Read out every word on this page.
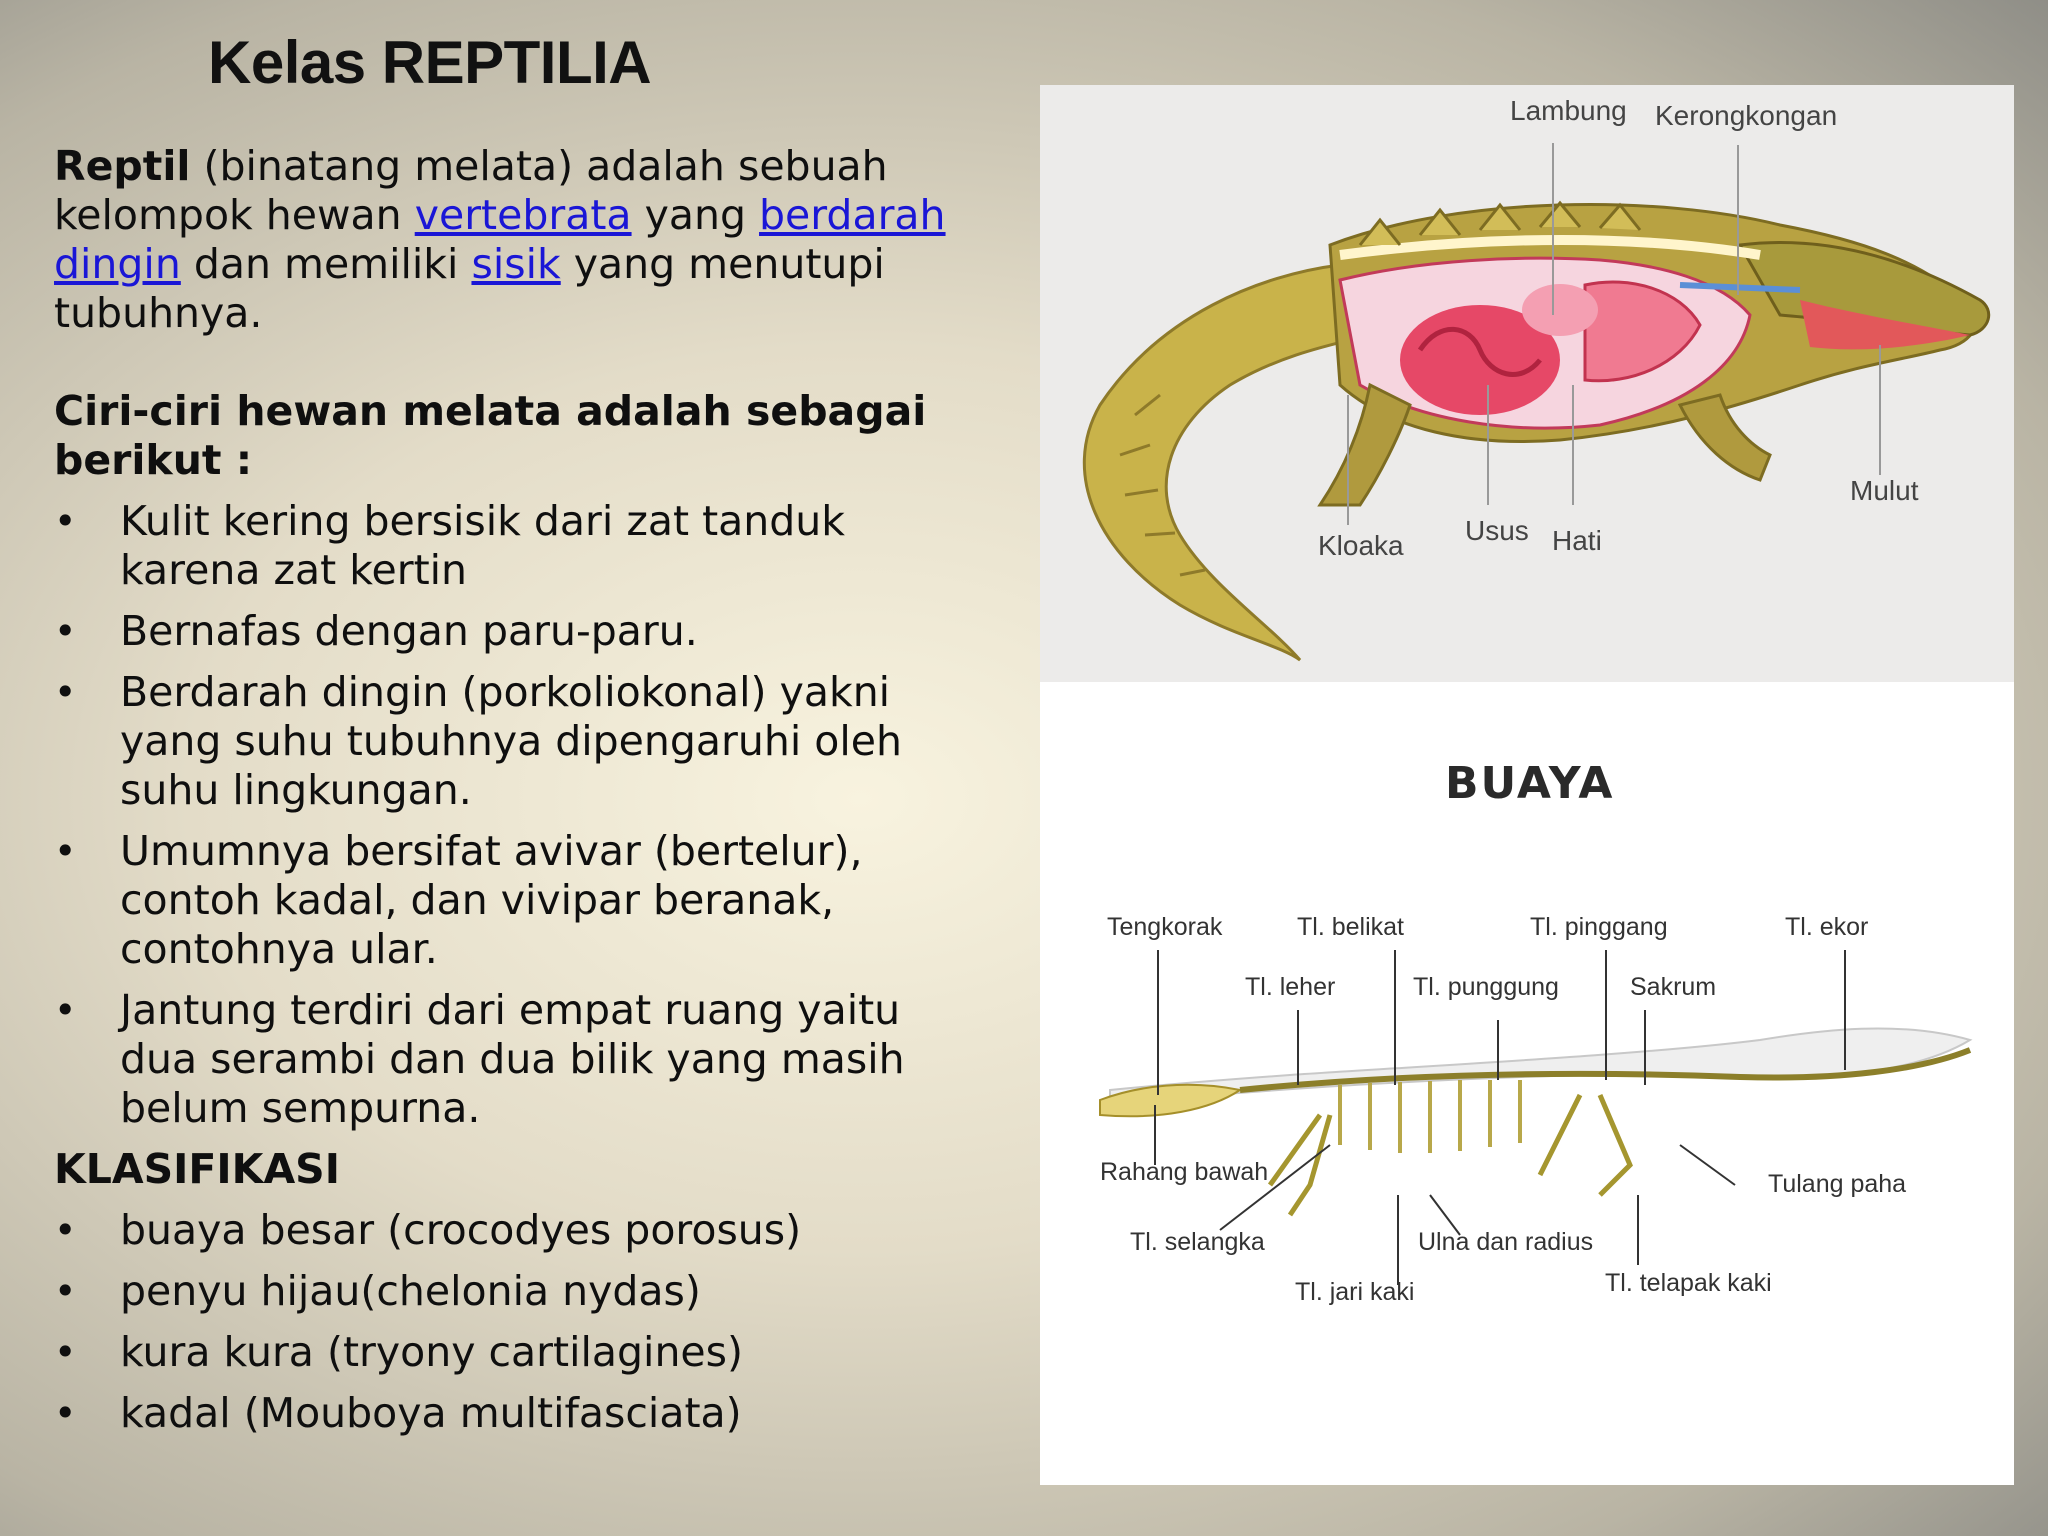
Kelas REPTILIA

Reptil (binatang melata) adalah sebuah kelompok hewan vertebrata yang berdarah dingin dan memiliki sisik yang menutupi tubuhnya.

Ciri-ciri hewan melata adalah sebagai berikut :

• Kulit kering bersisik dari zat tanduk karena zat kertin
• Bernafas dengan paru-paru.
• Berdarah dingin (porkoliokonal) yakni yang suhu tubuhnya dipengaruhi oleh suhu lingkungan.
• Umumnya bersifat avivar (bertelur), contoh kadal, dan vivipar beranak, contohnya ular.
• Jantung terdiri dari empat ruang yaitu dua serambi dan dua bilik yang masih belum sempurna.

KLASIFIKASI

• buaya besar (crocodyes porosus)
• penyu hijau(chelonia nydas)
• kura kura (tryony cartilagines)
• kadal (Mouboya multifasciata)
Lambung Kerongkongan
Kloaka Usus Hati
Mulut
BUAYA
Tengkorak	Tl. belikat	Tl. pinggang	Tl. ekor
Tl. leher	Tl. punggung	Sakrum
Rahang bawah	Tulang paha
Tl. selangka	Ulna dan radius
Tl. jari kaki	Tl. telapak kaki
